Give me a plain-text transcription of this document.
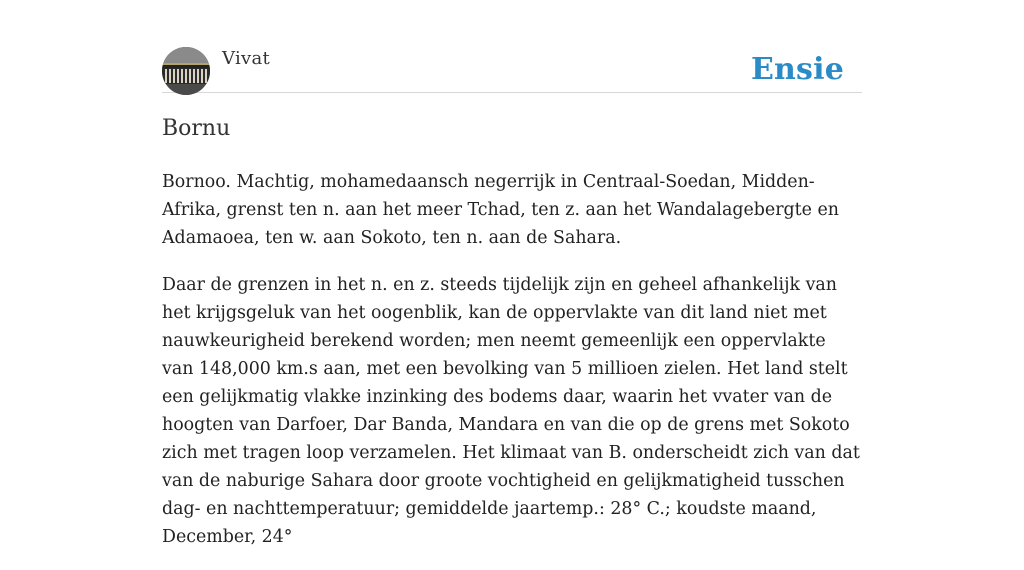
Vivat	Ensie
Bornu

Bornoo. Machtig, mohamedaansch negerrijk in Centraal-Soedan, Midden-Afrika, grenst ten n. aan het meer Tchad, ten z. aan het Wandalagebergte en Adamaoea, ten w. aan Sokoto, ten n. aan de Sahara.

Daar de grenzen in het n. en z. steeds tijdelijk zijn en geheel afhankelijk van het krijgsgeluk van het oogenblik, kan de oppervlakte van dit land niet met nauwkeurigheid berekend worden; men neemt gemeenlijk een oppervlakte van 148,000 km.s aan, met een bevolking van 5 millioen zielen. Het land stelt een gelijkmatig vlakke inzinking des bodems daar, waarin het vvater van de hoogten van Darfoer, Dar Banda, Mandara en van die op de grens met Sokoto zich met tragen loop verzamelen. Het klimaat van B. onderscheidt zich van dat van de naburige Sahara door groote vochtigheid en gelijkmatigheid tusschen dag- en nachttemperatuur; gemiddelde jaartemp.: 28° C.; koudste maand, December, 24°
